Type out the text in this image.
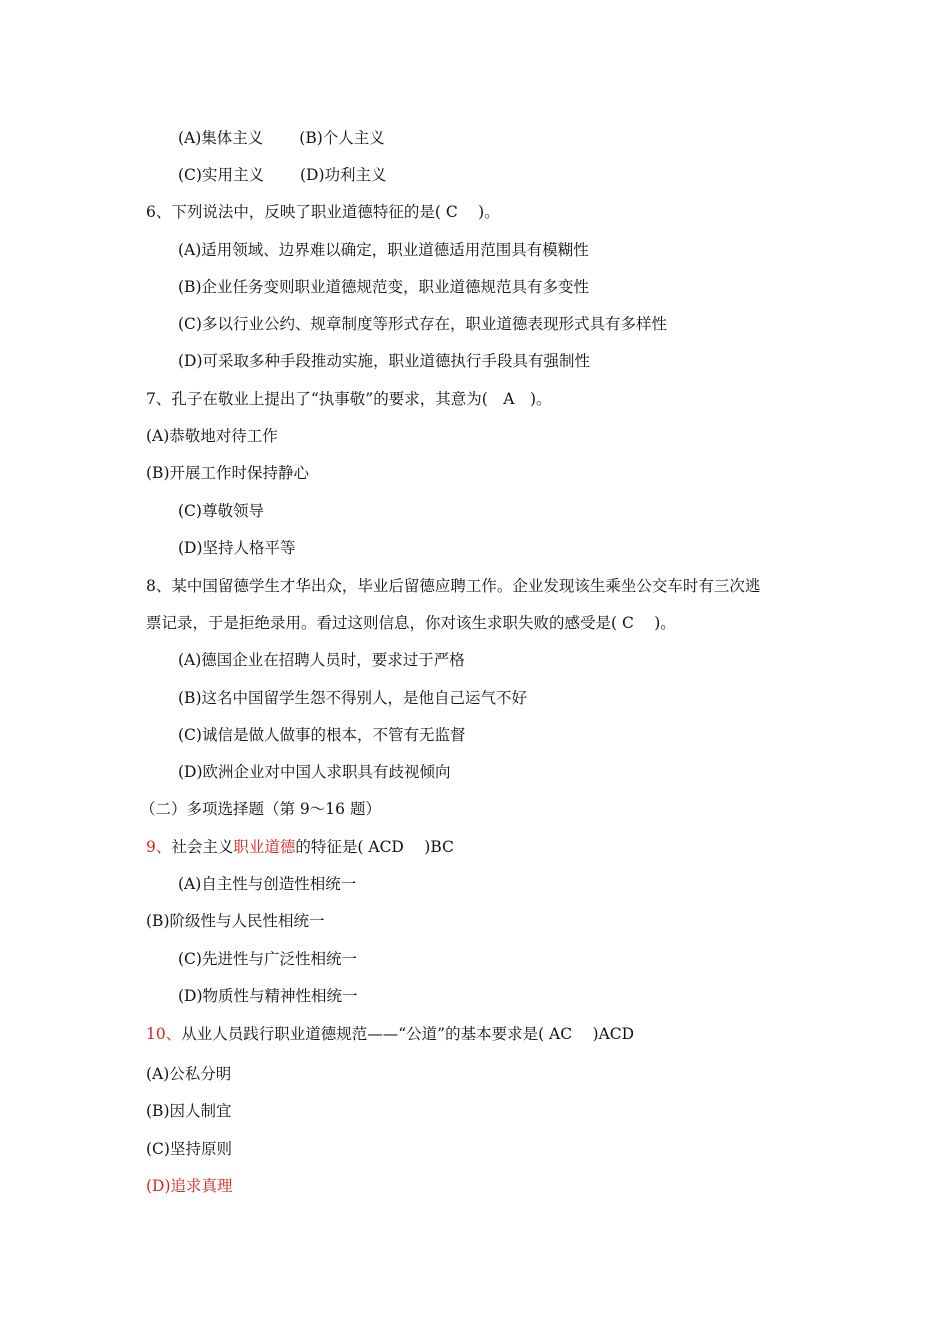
(A)集体主义 (B)个人主义
(C)实用主义 (D)功利主义
6、下列说法中，反映了职业道德特征的是( C　 )。
(A)适用领域、边界难以确定，职业道德适用范围具有模糊性
(B)企业任务变则职业道德规范变，职业道德规范具有多变性
(C)多以行业公约、规章制度等形式存在，职业道德表现形式具有多样性
(D)可采取多种手段推动实施，职业道德执行手段具有强制性
7、孔子在敬业上提出了“执事敬”的要求，其意为(　A　)。
(A)恭敬地对待工作
(B)开展工作时保持静心
(C)尊敬领导
(D)坚持人格平等
8、某中国留德学生才华出众，毕业后留德应聘工作。企业发现该生乘坐公交车时有三次逃
票记录，于是拒绝录用。看过这则信息，你对该生求职失败的感受是( C　 )。
(A)德国企业在招聘人员时，要求过于严格
(B)这名中国留学生怨不得别人，是他自己运气不好
(C)诚信是做人做事的根本，不管有无监督
(D)欧洲企业对中国人求职具有歧视倾向
（二）多项选择题（第 9～16 题）
9、社会主义职业道德的特征是( ACD　 )BC
(A)自主性与创造性相统一
(B)阶级性与人民性相统一
(C)先进性与广泛性相统一
(D)物质性与精神性相统一
10、从业人员践行职业道德规范——“公道”的基本要求是( AC　 )ACD
(A)公私分明
(B)因人制宜
(C)坚持原则
(D)追求真理
